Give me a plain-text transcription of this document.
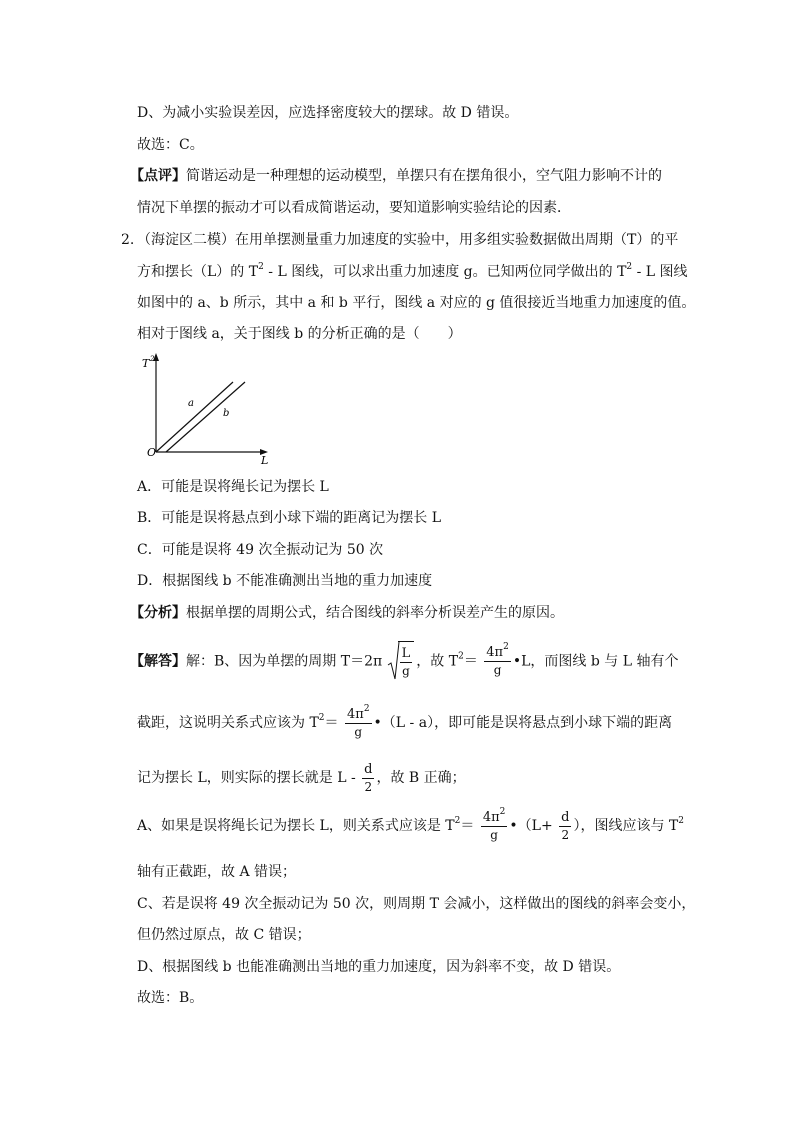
D、为减小实验误差因，应选择密度较大的摆球。故 D 错误。
故选：C。
【点评】简谐运动是一种理想的运动模型，单摆只有在摆角很小，空气阻力影响不计的
情况下单摆的振动才可以看成简谐运动，要知道影响实验结论的因素．
2. （海淀区二模）在用单摆测量重力加速度的实验中，用多组实验数据做出周期（T）的平
方和摆长（L）的 $T^2$ - L 图线，可以求出重力加速度 g。已知两位同学做出的 $T^2$ - L 图线
如图中的 a、b 所示，其中 a 和 b 平行，图线 a 对应的 g 值很接近当地重力加速度的值。
相对于图线 a，关于图线 b 的分析正确的是（　　）
T 2
O
L
a
b
A．可能是误将绳长记为摆长 L
B．可能是误将悬点到小球下端的距离记为摆长 L
C．可能是误将 49 次全振动记为 50 次
D．根据图线 b 不能准确测出当地的重力加速度
【分析】根据单摆的周期公式，结合图线的斜率分析误差产生的原因。
【解答】解：B、因为单摆的周期 $T=2\pi \frac{L}{g}$ ，故 $T^2= \frac{4\pi^2}{g}$ •L，而图线 b 与 L 轴有个
截距，这说明关系式应该为 $T^2= \frac{4\pi^2}{g}$ •（L - a），即可能是误将悬点到小球下端的距离
记为摆长 L，则实际的摆长就是 L - $\frac{d}{2}$ ，故 B 正确；
A、如果是误将绳长记为摆长 L，则关系式应该是 $T^2= \frac{4\pi^2}{g}$ •（L+ $\frac{d}{2}$ ），图线应该与 $T^2$
轴有正截距，故 A 错误；
C、若是误将 49 次全振动记为 50 次，则周期 T 会减小，这样做出的图线的斜率会变小，
但仍然过原点，故 C 错误；
D、根据图线 b 也能准确测出当地的重力加速度，因为斜率不变，故 D 错误。
故选：B。
